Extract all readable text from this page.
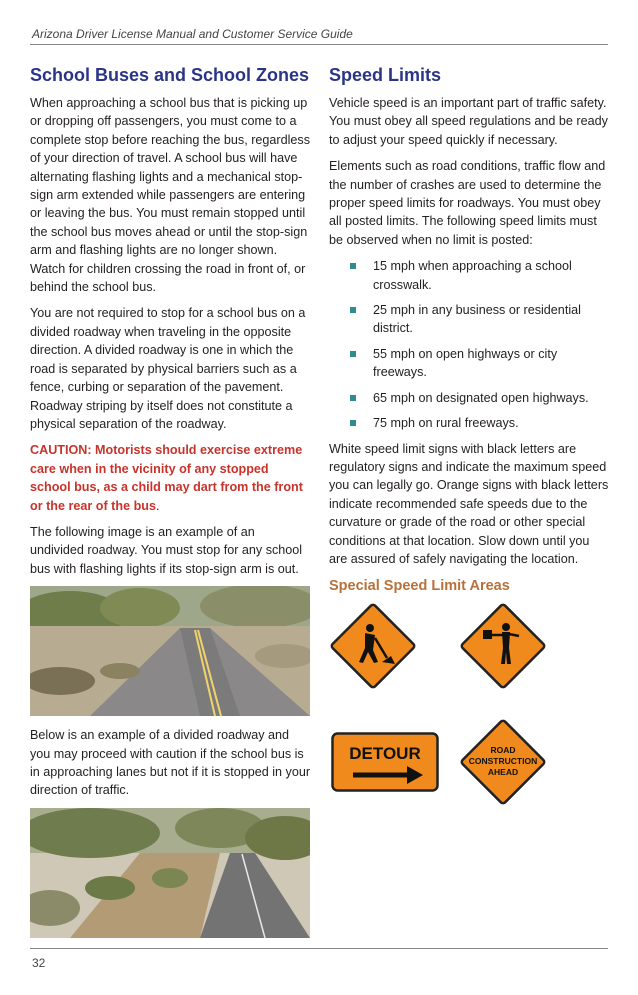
Arizona Driver License Manual and Customer Service Guide
School Buses and School Zones

When approaching a school bus that is picking up or dropping off passengers, you must come to a complete stop before reaching the bus, regardless of your direction of travel. A school bus will have alternating flashing lights and a mechanical stop-sign arm extended while passengers are entering or leaving the bus. You must remain stopped until the school bus moves ahead or until the stop-sign arm and flashing lights are no longer shown. Watch for children crossing the road in front of, or behind the school bus.

You are not required to stop for a school bus on a divided roadway when traveling in the opposite direction. A divided roadway is one in which the road is separated by physical barriers such as a fence, curbing or separation of the pavement. Roadway striping by itself does not constitute a physical separation of the roadway.

CAUTION: Motorists should exercise extreme care when in the vicinity of any stopped school bus, as a child may dart from the front or the rear of the bus.

The following image is an example of an undivided roadway. You must stop for any school bus with flashing lights if its stop-sign arm is out.

Below is an example of a divided roadway and you may proceed with caution if the school bus is in approaching lanes but not if it is stopped in your direction of traffic.

Speed Limits

Vehicle speed is an important part of traffic safety. You must obey all speed regulations and be ready to adjust your speed quickly if necessary.

Elements such as road conditions, traffic flow and the number of crashes are used to determine the proper speed limits for roadways. You must obey all posted limits. The following speed limits must be observed when no limit is posted:

15 mph when approaching a school crosswalk.
25 mph in any business or residential district.
55 mph on open highways or city freeways.
65 mph on designated open highways.
75 mph on rural freeways.

White speed limit signs with black letters are regulatory signs and indicate the maximum speed you can legally go. Orange signs with black letters indicate recommended safe speeds due to the curvature or grade of the road or other special conditions at that location. Slow down until you are assured of safely navigating the location.

Special Speed Limit Areas
DETOUR	ROAD
CONSTRUCTION
AHEAD
32
